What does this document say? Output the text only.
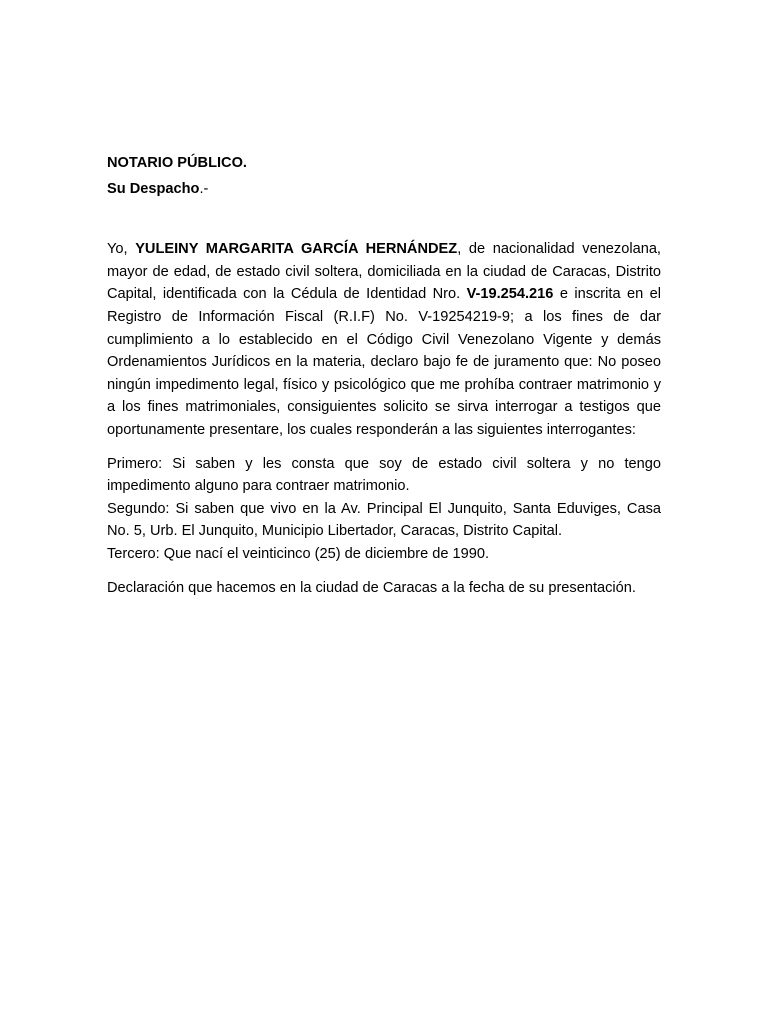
NOTARIO PÚBLICO.

Su Despacho.-

Yo, YULEINY MARGARITA GARCÍA HERNÁNDEZ, de nacionalidad venezolana, mayor de edad, de estado civil soltera, domiciliada en la ciudad de Caracas, Distrito Capital, identificada con la Cédula de Identidad Nro. V-19.254.216 e inscrita en el Registro de Información Fiscal (R.I.F) No. V-19254219-9; a los fines de dar cumplimiento a lo establecido en el Código Civil Venezolano Vigente y demás Ordenamientos Jurídicos en la materia, declaro bajo fe de juramento que: No poseo ningún impedimento legal, físico y psicológico que me prohíba contraer matrimonio y a los fines matrimoniales, consiguientes solicito se sirva interrogar a testigos que oportunamente presentare, los cuales responderán a las siguientes interrogantes:

Primero: Si saben y les consta que soy de estado civil soltera y no tengo impedimento alguno para contraer matrimonio.

Segundo: Si saben que vivo en la Av. Principal El Junquito, Santa Eduviges, Casa No. 5, Urb. El Junquito, Municipio Libertador, Caracas, Distrito Capital.

Tercero: Que nací el veinticinco (25) de diciembre de 1990.

Declaración que hacemos en la ciudad de Caracas a la fecha de su presentación.
